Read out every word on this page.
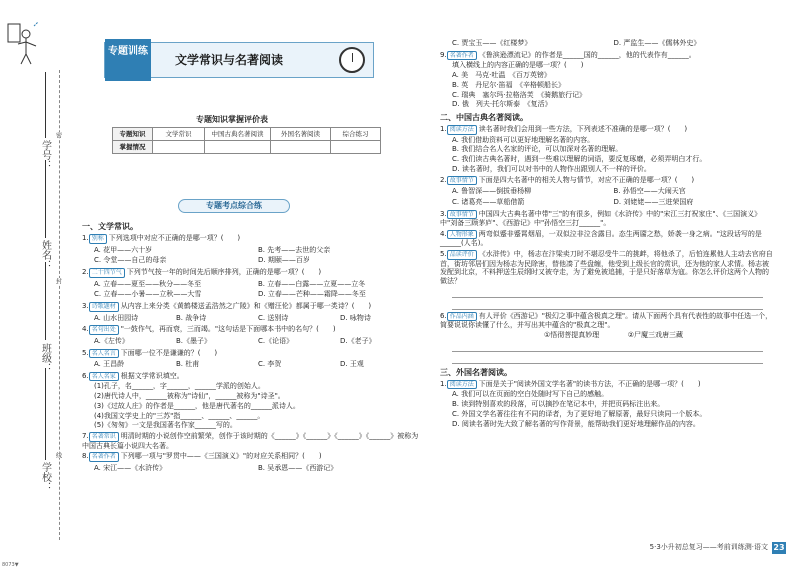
学号：
姓名：
班级：
学校：
密
封
线
8073▼
专题训练
文学常识与名著阅读
专题知识掌握评价表
专题知识	文学常识	中国古典名著阅读	外国名著阅读	综合练习
掌握情况				
专题考点综合练
一、文学常识。
1. 别称 下列选项中对应不正确的是哪一项？(　　)
A. 花甲——六十岁	B. 先考——去世的父亲
C. 令堂——自己的母亲	D. 期颐——百岁
2. 二十四节气 下列节气按一年的时间先后顺序排列，正确的是哪一项？(　　)
A. 立春——夏至——秋分——冬至	B. 立春——白露——立夏——立冬
C. 立春——小暑——立秋——大雪	D. 立春——芒种——霜降——冬至
3. 诗歌题材 从内容上来分类《黄鹤楼送孟浩然之广陵》和《赠汪伦》都属于哪一类诗？(　　)
A. 山水田园诗	B. 战争诗	C. 送别诗	D. 咏物诗
4. 名句出处 "一鼓作气，再而衰，三而竭。"这句话是下面哪本书中的名句？(　　)
A.《左传》	B.《墨子》	C.《论语》	D.《老子》
5. 名人名言 下面哪一位不是谦谦的？(　　)
A. 王昌龄	B. 杜甫	C. 李贺	D. 王观
6. 名人名家 根据文学常识填空。
(1)孔子，名______，字______，______学派的创始人。
(2)唐代诗人中，______被称为"诗仙"，______被称为"诗圣"。
(3)《过故人庄》的作者是______，他是唐代著名的______派诗人。
(4)我国文学史上的"三苏"指______、______、______。
(5)《匆匆》一文是我国著名作家______写的。
7. 名著常识 明清时期的小说创作空前繁荣，创作于该时期的《______》《______》《______》《______》被称为中国古典长篇小说四大名著。
8. 名著作者 下列哪一项与"罗贯中——《三国演义》"的对应关系相同？(　　)
A. 宋江——《水浒传》	B. 吴承恩——《西游记》
C. 贾宝玉——《红楼梦》	D. 严监生——《儒林外史》
9. 名著作者 《鲁滨逊漂流记》的作者是______国的______，他的代表作有______。
填入横线上的内容正确的是哪一项？(　　)
A. 美　马克·吐温　《百万英镑》
B. 英　丹尼尔·笛福　《辛格顿船长》
C. 瑞典　塞尔玛·拉格洛芙　《骑鹅旅行记》
D. 俄　列夫·托尔斯泰　《复活》
二、中国古典名著阅读。
1. 阅读方法 读名著时我们会用到一些方法，下列表述不准确的是哪一项？(　　)
A. 我们借助资料可以更好地理解名著的内容。
B. 我们结合名人名家的评论，可以加深对名著的理解。
C. 我们读古典名著时，遇到一些难以理解的词语，要反复琢磨，必须弄明白才行。
D. 读名著时，我们可以对书中的人物作出跟别人不一样的评价。
2. 故事情节 下面是四大名著中的相关人物与情节，对应不正确的是哪一项？(　　)
A. 鲁智深——倒拔垂杨柳	B. 孙悟空——大闹天宫
C. 诸葛亮——草船借箭	D. 刘姥姥——三进荣国府
3. 故事情节 中国四大古典名著中带"三"的有很多，例如《水浒传》中的"宋江三打祝家庄"、《三国演义》中"刘备三顾茅庐"、《西游记》中"孙悟空三打______"。
4. 人物形象 两弯似蹙非蹙罥烟眉，一双似泣非泣含露目。态生两靥之愁，娇袭一身之病。"这段话写的是______(人名)。
5. 品读评价 《水浒传》中，杨志在汴梁卖刀时不堪忍受牛二的挑衅，将他杀了，后怕连累他人主动去官府自首，街坊邻居们因为杨志为民除害，替他凑了些盘缠，他受到上级长官的赏识，还为他的家人求情。杨志被发配到北京，不料押送生辰纲时又被夺走，为了避免被追捕，于是只好落草为寇。你怎么评价这两个人物的做法？
6. 作品内涵 有人评价《西游记》"极幻之事中蕴含极真之理"。请从下面两个具有代表性的故事中任选一个，简要说说你读懂了什么，并写出其中蕴含的"极真之理"。
①悟彻菩提真妙理	②尸魔三戏唐三藏
三、外国名著阅读。
1. 阅读方法 下面是关于"阅读外国文学名著"的读书方法，不正确的是哪一项？(　　)
A. 我们可以在页面的空白处随时写下自己的感触。
B. 读到特别喜欢的段落，可以摘抄在笔记本中，并把页码标注出来。
C. 外国文学名著往往有不同的译者，为了更好地了解原著，最好只读同一个版本。
D. 阅读名著时先大致了解名著的写作背景，能帮助我们更好地理解作品的内容。
5·3小升初总复习——考前训练测·语文 23
